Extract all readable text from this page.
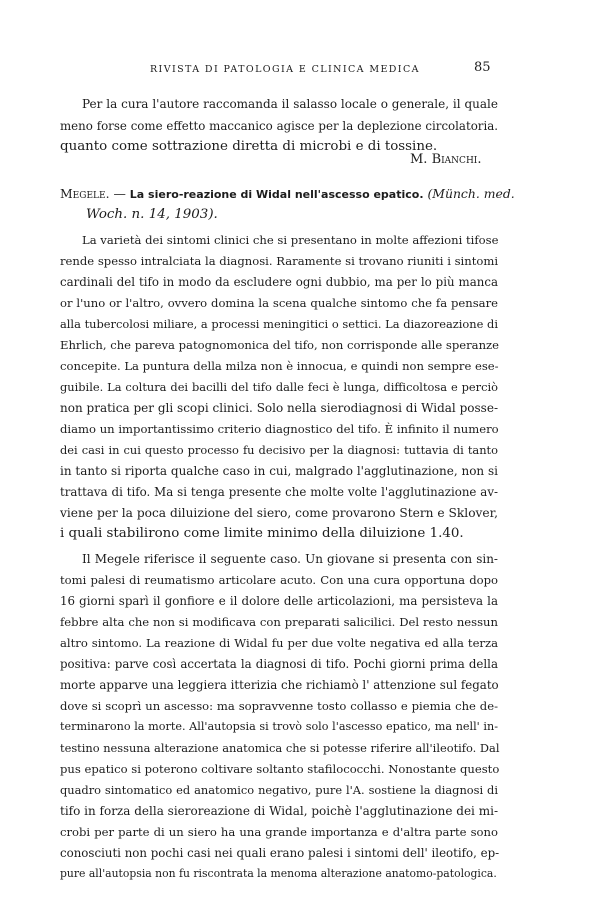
RIVISTA DI PATOLOGIA E CLINICA MEDICA	85
Per la cura l'autore raccomanda il salasso locale o generale, il quale
meno forse come effetto maccanico agisce per la deplezione circolatoria.
quanto come sottrazione diretta di microbi e di tossine.
M. Bianchi.
Megele. — La siero-reazione di Widal nell'ascesso epatico. (Münch. med.
Woch. n. 14, 1903).
La varietà dei sintomi clinici che si presentano in molte affezioni tifose
rende spesso intralciata la diagnosi. Raramente si trovano riuniti i sintomi
cardinali del tifo in modo da escludere ogni dubbio, ma per lo più manca
or l'uno or l'altro, ovvero domina la scena qualche sintomo che fa pensare
alla tubercolosi miliare, a processi meningitici o settici. La diazoreazione di
Ehrlich, che pareva patognomonica del tifo, non corrisponde alle speranze
concepite. La puntura della milza non è innocua, e quindi non sempre ese-
guibile. La coltura dei bacilli del tifo dalle feci è lunga, difficoltosa e perciò
non pratica per gli scopi clinici. Solo nella sierodiagnosi di Widal posse-
diamo un importantissimo criterio diagnostico del tifo. È infinito il numero
dei casi in cui questo processo fu decisivo per la diagnosi: tuttavia di tanto
in tanto si riporta qualche caso in cui, malgrado l'agglutinazione, non si
trattava di tifo. Ma si tenga presente che molte volte l'agglutinazione av-
viene per la poca diluizione del siero, come provarono Stern e Sklover,
i quali stabilirono come limite minimo della diluizione 1.40.
Il Megele riferisce il seguente caso. Un giovane si presenta con sin-
tomi palesi di reumatismo articolare acuto. Con una cura opportuna dopo
16 giorni sparì il gonfiore e il dolore delle articolazioni, ma persisteva la
febbre alta che non si modificava con preparati salicilici. Del resto nessun
altro sintomo. La reazione di Widal fu per due volte negativa ed alla terza
positiva: parve così accertata la diagnosi di tifo. Pochi giorni prima della
morte apparve una leggiera itterizia che richiamò l' attenzione sul fegato
dove si scoprì un ascesso: ma sopravvenne tosto collasso e piemia che de-
terminarono la morte. All'autopsia si trovò solo l'ascesso epatico, ma nell' in-
testino nessuna alterazione anatomica che si potesse riferire all'ileotifo. Dal
pus epatico si poterono coltivare soltanto stafilococchi. Nonostante questo
quadro sintomatico ed anatomico negativo, pure l'A. sostiene la diagnosi di
tifo in forza della sieroreazione di Widal, poichè l'agglutinazione dei mi-
crobi per parte di un siero ha una grande importanza e d'altra parte sono
conosciuti non pochi casi nei quali erano palesi i sintomi dell' ileotifo, ep-
pure all'autopsia non fu riscontrata la menoma alterazione anatomo-patologica.
